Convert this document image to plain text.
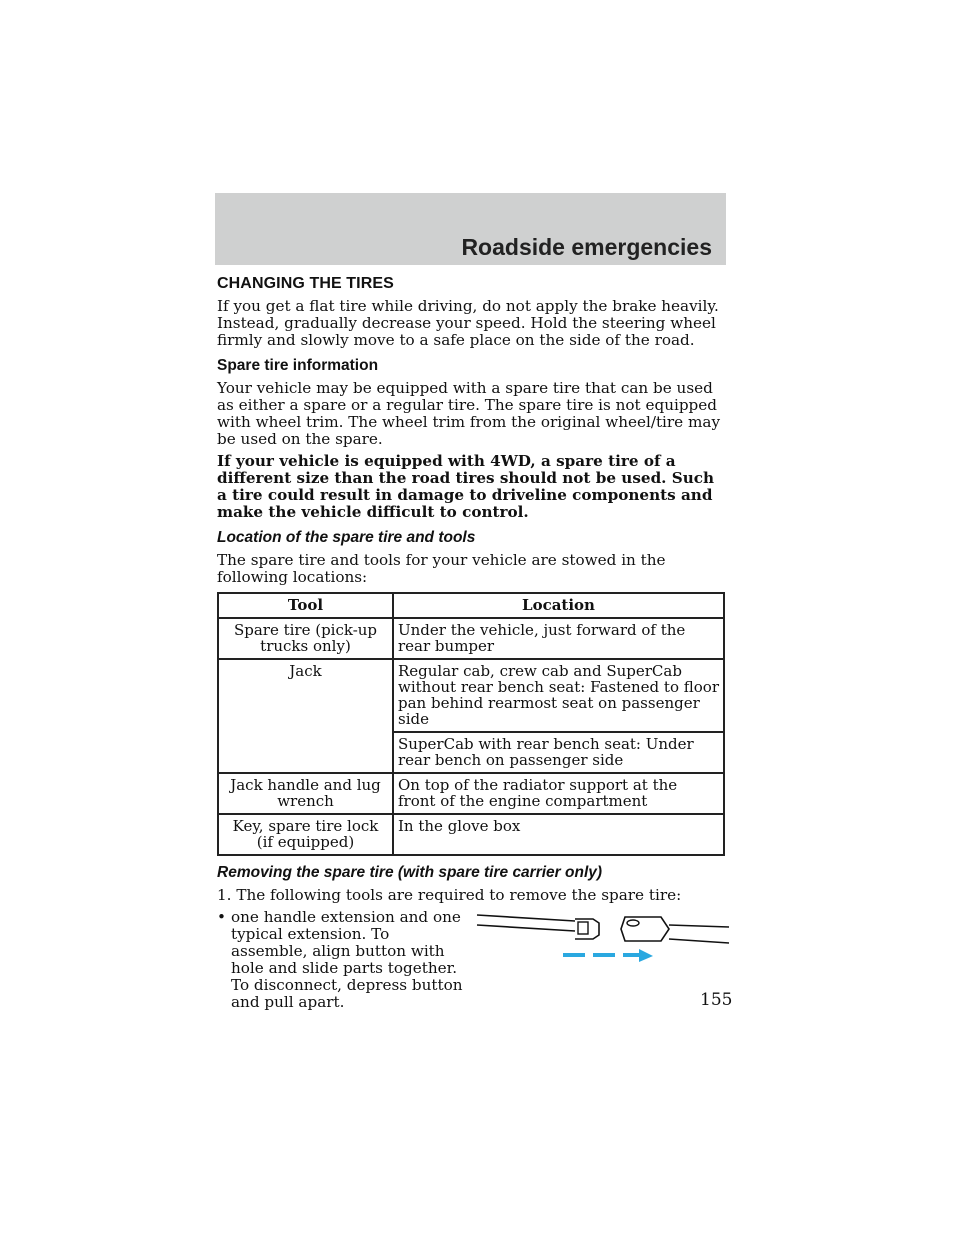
Roadside emergencies
CHANGING THE TIRES

If you get a flat tire while driving, do not apply the brake heavily. Instead, gradually decrease your speed. Hold the steering wheel firmly and slowly move to a safe place on the side of the road.

Spare tire information

Your vehicle may be equipped with a spare tire that can be used as either a spare or a regular tire. The spare tire is not equipped with wheel trim. The wheel trim from the original wheel/tire may be used on the spare.

If your vehicle is equipped with 4WD, a spare tire of a different size than the road tires should not be used. Such a tire could result in damage to driveline components and make the vehicle difficult to control.

Location of the spare tire and tools

The spare tire and tools for your vehicle are stowed in the following locations:

Tool	Location
Spare tire (pick-up trucks only)	Under the vehicle, just forward of the rear bumper
Jack	Regular cab, crew cab and SuperCab without rear bench seat: Fastened to floor pan behind rearmost seat on passenger side
	SuperCab with rear bench seat: Under rear bench on passenger side
Jack handle and lug wrench	On top of the radiator support at the front of the engine compartment
Key, spare tire lock (if equipped)	In the glove box
Removing the spare tire (with spare tire carrier only)

1. The following tools are required to remove the spare tire:

• one handle extension and one typical extension. To assemble, align button with hole and slide parts together. To disconnect, depress button and pull apart.	155
